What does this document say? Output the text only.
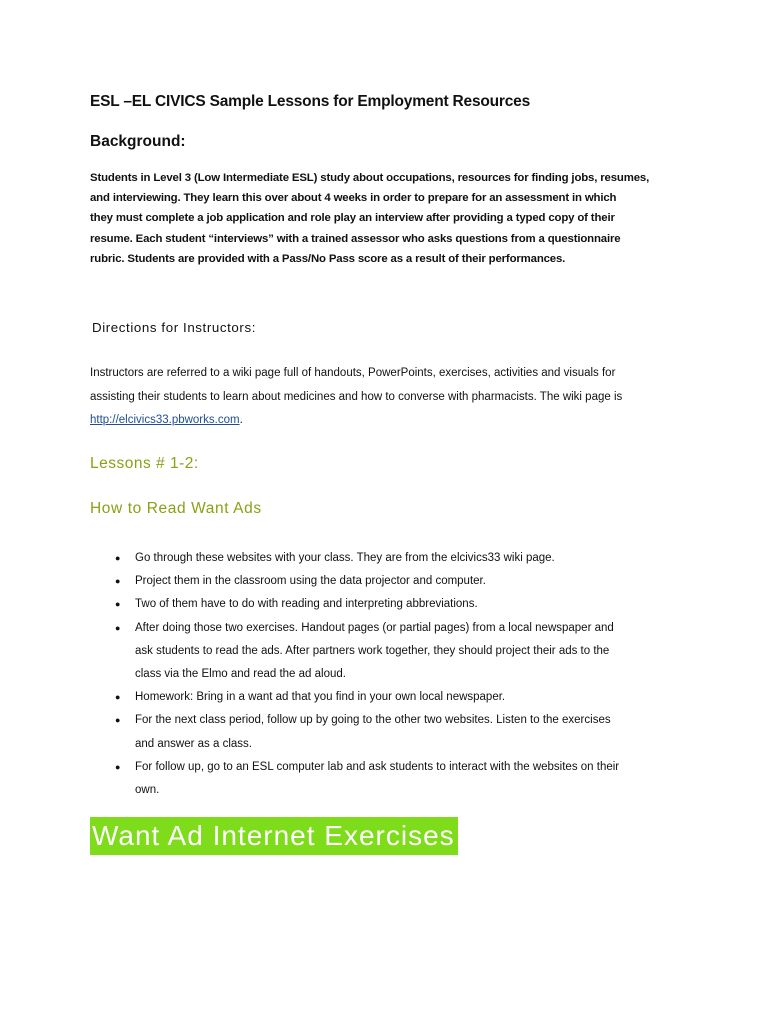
ESL –EL CIVICS Sample Lessons for Employment Resources
Background:
Students in Level 3 (Low Intermediate ESL) study about occupations, resources for finding jobs, resumes,
and interviewing. They learn this over about 4 weeks in order to prepare for an assessment in which
they must complete a job application and role play an interview after providing a typed copy of their
resume. Each student “interviews” with a trained assessor who asks questions from a questionnaire
rubric. Students are provided with a Pass/No Pass score as a result of their performances.
Directions for Instructors:
Instructors are referred to a wiki page full of handouts, PowerPoints, exercises, activities and visuals for
assisting their students to learn about medicines and how to converse with pharmacists. The wiki page is
http://elcivics33.pbworks.com.
Lessons # 1-2:
How to Read Want Ads
● Go through these websites with your class. They are from the elcivics33 wiki page.
● Project them in the classroom using the data projector and computer.
● Two of them have to do with reading and interpreting abbreviations.
● After doing those two exercises. Handout pages (or partial pages) from a local newspaper and
ask students to read the ads. After partners work together, they should project their ads to the
class via the Elmo and read the ad aloud.
● Homework: Bring in a want ad that you find in your own local newspaper.
● For the next class period, follow up by going to the other two websites. Listen to the exercises
and answer as a class.
● For follow up, go to an ESL computer lab and ask students to interact with the websites on their
own.
Want Ad Internet Exercises
